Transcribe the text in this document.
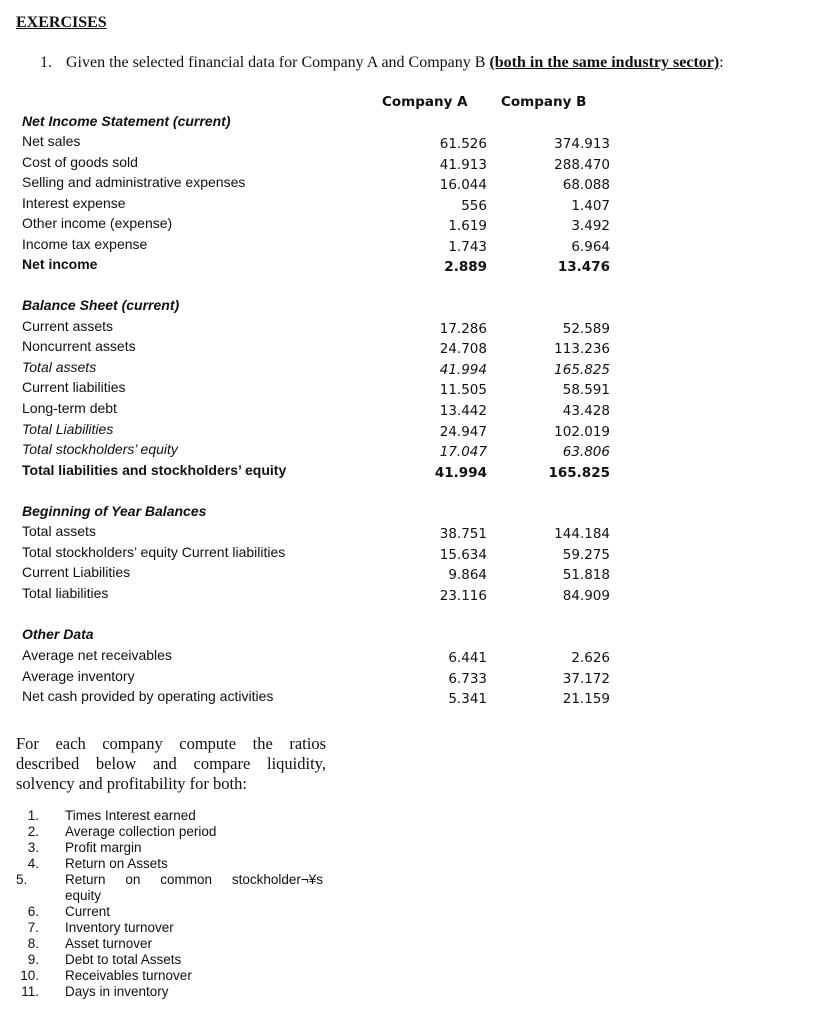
EXERCISES
1. Given the selected financial data for Company A and Company B (both in the same industry sector):
Company A Company B
Net Income Statement (current)
Net sales	61.526	374.913
Cost of goods sold	41.913	288.470
Selling and administrative expenses	16.044	68.088
Interest expense	556	1.407
Other income (expense)	1.619	3.492
Income tax expense	1.743	6.964
Net income	2.889	13.476
Balance Sheet (current)
Current assets	17.286	52.589
Noncurrent assets	24.708	113.236
Total assets	41.994	165.825
Current liabilities	11.505	58.591
Long-term debt	13.442	43.428
Total Liabilities	24.947	102.019
Total stockholders’ equity	17.047	63.806
Total liabilities and stockholders’ equity	41.994	165.825
Beginning of Year Balances
Total assets	38.751	144.184
Total stockholders’ equity Current liabilities	15.634	59.275
Current Liabilities	9.864	51.818
Total liabilities	23.116	84.909
Other Data
Average net receivables	6.441	2.626
Average inventory	6.733	37.172
Net cash provided by operating activities	5.341	21.159
For each company compute the ratios described below and compare liquidity, solvency and profitability for both:
1.	Times Interest earned
2.	Average collection period
3.	Profit margin
4.	Return on Assets
5.	Return on common stockholder¬¥s
equity
6.	Current
7.	Inventory turnover
8.	Asset turnover
9.	Debt to total Assets
10.	Receivables turnover
11.	Days in inventory
